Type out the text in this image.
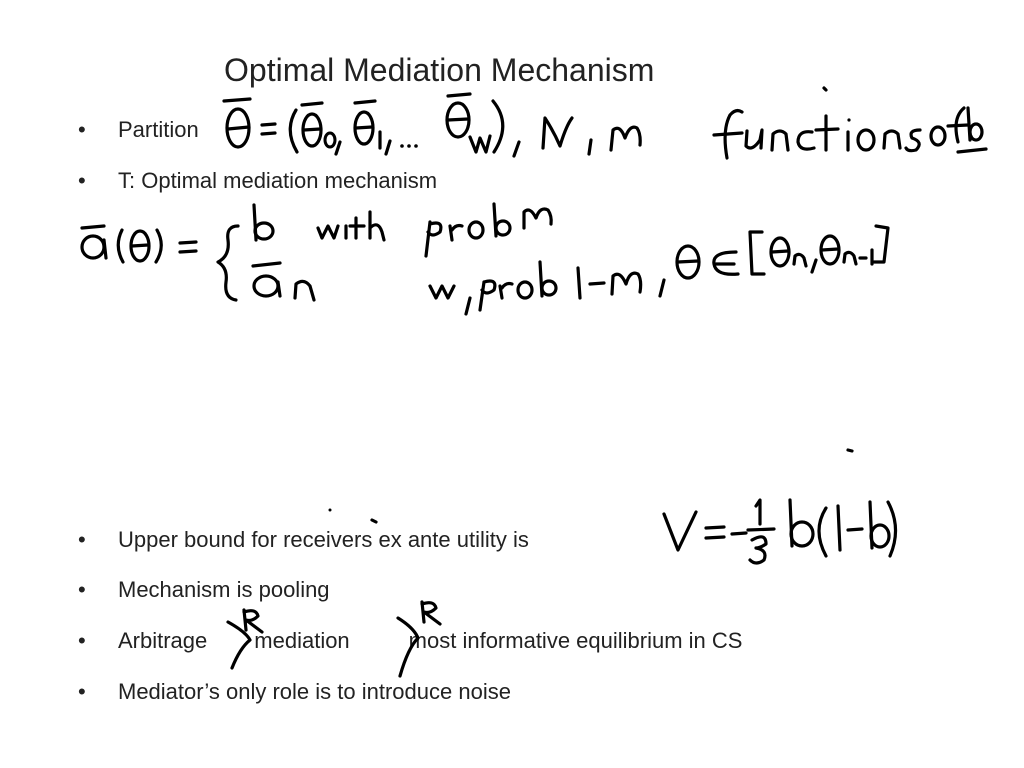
Optimal Mediation Mechanism
•	Partition
•	T: Optimal mediation mechanism
•	Upper bound for receivers ex ante utility is
•	Mechanism is pooling
•	Arbitrage mediation	most informative equilibrium in CS
•	Mediator’s only role is to introduce noise
